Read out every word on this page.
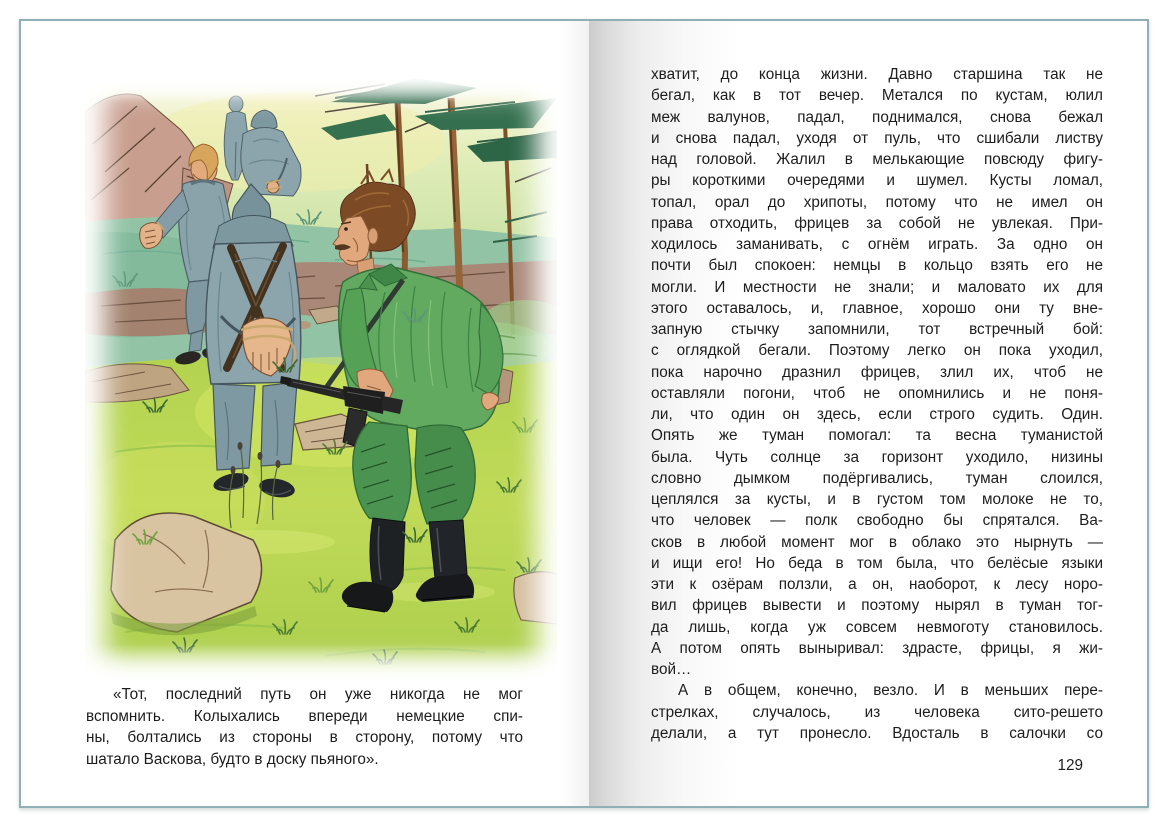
«Тот, последний путь он уже никогда не мог
вспомнить. Колыхались впереди немецкие спи-
ны, болтались из стороны в сторону, потому что
шатало Васкова, будто в доску пьяного».
хватит, до конца жизни. Давно старшина так не
бегал, как в тот вечер. Метался по кустам, юлил
меж валунов, падал, поднимался, снова бежал
и снова падал, уходя от пуль, что сшибали листву
над головой. Жалил в мелькающие повсюду фигу-
ры короткими очередями и шумел. Кусты ломал,
топал, орал до хрипоты, потому что не имел он
права отходить, фрицев за собой не увлекая. При-
ходилось заманивать, с огнём играть. За одно он
почти был спокоен: немцы в кольцо взять его не
могли. И местности не знали; и маловато их для
этого оставалось, и, главное, хорошо они ту вне-
запную стычку запомнили, тот встречный бой:
с оглядкой бегали. Поэтому легко он пока уходил,
пока нарочно дразнил фрицев, злил их, чтоб не
оставляли погони, чтоб не опомнились и не поня-
ли, что один он здесь, если строго судить. Один.
Опять же туман помогал: та весна туманистой
была. Чуть солнце за горизонт уходило, низины
словно дымком подёргивались, туман слоился,
цеплялся за кусты, и в густом том молоке не то,
что человек — полк свободно бы спрятался. Ва-
сков в любой момент мог в облако это нырнуть —
и ищи его! Но беда в том была, что белёсые языки
эти к озёрам ползли, а он, наоборот, к лесу норо-
вил фрицев вывести и поэтому нырял в туман тог-
да лишь, когда уж совсем невмоготу становилось.
А потом опять выныривал: здрасте, фрицы, я жи-
вой…
А в общем, конечно, везло. И в меньших пере-
стрелках, случалось, из человека сито-решето
делали, а тут пронесло. Вдосталь в салочки со
129
